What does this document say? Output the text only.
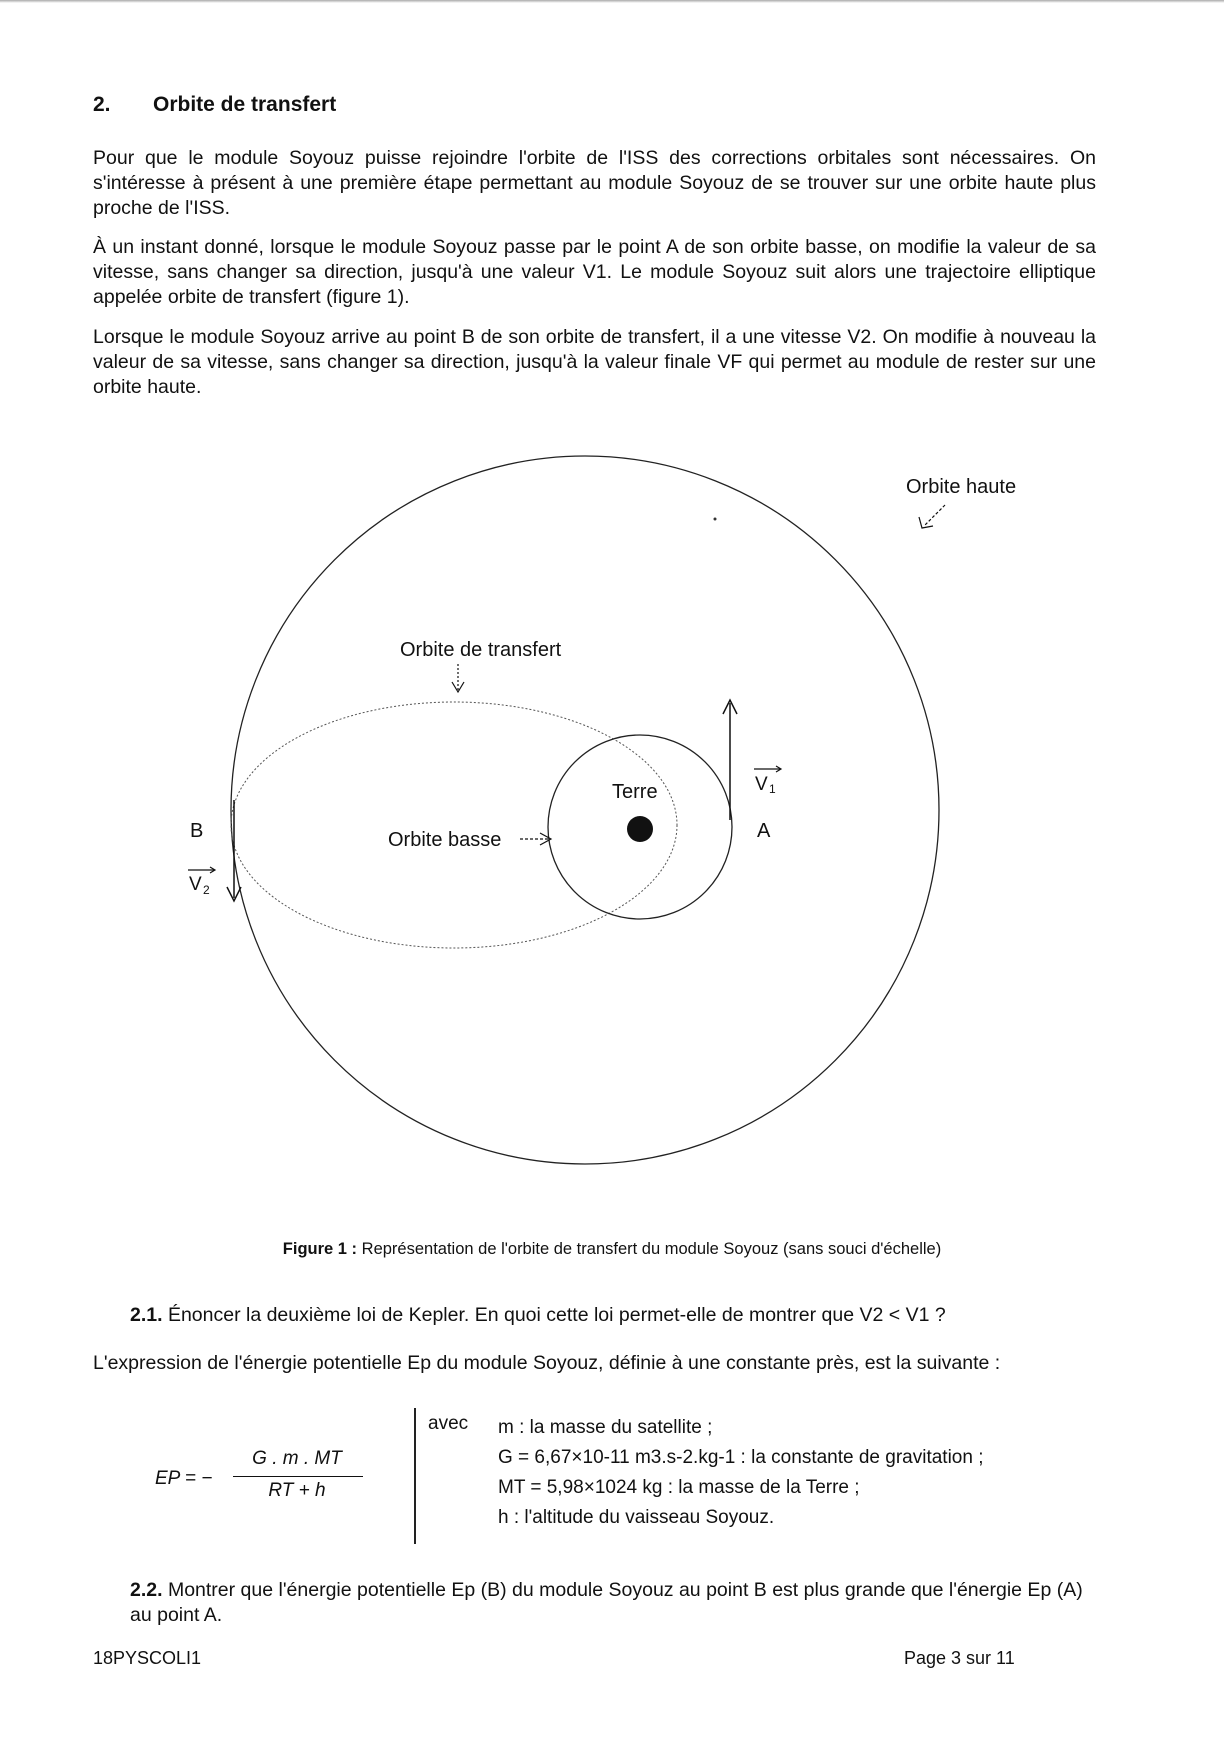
2. Orbite de transfert

Pour que le module Soyouz puisse rejoindre l'orbite de l'ISS des corrections orbitales sont nécessaires. On s'intéresse à présent à une première étape permettant au module Soyouz de se trouver sur une orbite haute plus proche de l'ISS.

À un instant donné, lorsque le module Soyouz passe par le point A de son orbite basse, on modifie la valeur de sa vitesse, sans changer sa direction, jusqu'à une valeur V1. Le module Soyouz suit alors une trajectoire elliptique appelée orbite de transfert (figure 1).

Lorsque le module Soyouz arrive au point B de son orbite de transfert, il a une vitesse V2. On modifie à nouveau la valeur de sa vitesse, sans changer sa direction, jusqu'à la valeur finale VF qui permet au module de rester sur une orbite haute.

Orbite haute
Orbite de transfert
Terre
Orbite basse	A
B
V 1
V 2
Figure 1 : Représentation de l'orbite de transfert du module Soyouz (sans souci d'échelle)
2.1. Énoncer la deuxième loi de Kepler. En quoi cette loi permet-elle de montrer que V2 < V1 ?

L'expression de l'énergie potentielle Ep du module Soyouz, définie à une constante près, est la suivante :

EP = −
G . m . MT
RT + h
avec m : la masse du satellite ;
G = 6,67×10-11 m3.s-2.kg-1 : la constante de gravitation ;
MT = 5,98×1024 kg : la masse de la Terre ;
h : l'altitude du vaisseau Soyouz.
2.2. Montrer que l'énergie potentielle Ep (B) du module Soyouz au point B est plus grande que l'énergie Ep (A) au point A.
18PYSCOLI1	Page 3 sur 11
